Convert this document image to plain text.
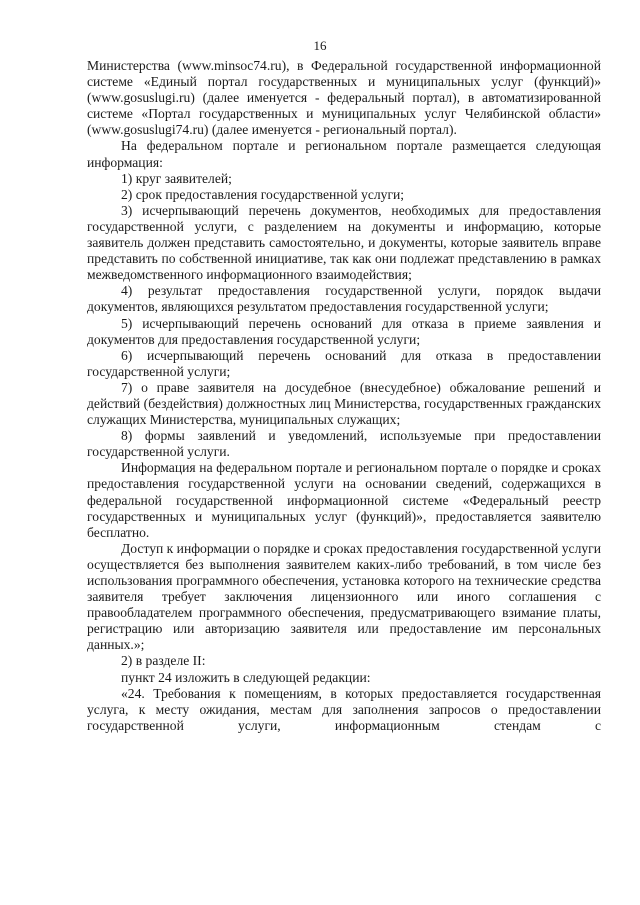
16

Министерства (www.minsoc74.ru), в Федеральной государственной информационной системе «Единый портал государственных и муниципальных услуг (функций)» (www.gosuslugi.ru) (далее именуется - федеральный портал), в автоматизированной системе «Портал государственных и муниципальных услуг Челябинской области» (www.gosuslugi74.ru) (далее именуется - региональный портал).

На федеральном портале и региональном портале размещается следующая информация:

1) круг заявителей;

2) срок предоставления государственной услуги;

3) исчерпывающий перечень документов, необходимых для предоставления государственной услуги, с разделением на документы и информацию, которые заявитель должен представить самостоятельно, и документы, которые заявитель вправе представить по собственной инициативе, так как они подлежат представлению в рамках межведомственного информационного взаимодействия;

4) результат предоставления государственной услуги, порядок выдачи документов, являющихся результатом предоставления государственной услуги;

5) исчерпывающий перечень оснований для отказа в приеме заявления и документов для предоставления государственной услуги;

6) исчерпывающий перечень оснований для отказа в предоставлении государственной услуги;

7) о праве заявителя на досудебное (внесудебное) обжалование решений и действий (бездействия) должностных лиц Министерства, государственных гражданских служащих Министерства, муниципальных служащих;

8) формы заявлений и уведомлений, используемые при предоставлении государственной услуги.

Информация на федеральном портале и региональном портале о порядке и сроках предоставления государственной услуги на основании сведений, содержащихся в федеральной государственной информационной системе «Федеральный реестр государственных и муниципальных услуг (функций)», предоставляется заявителю бесплатно.

Доступ к информации о порядке и сроках предоставления государственной услуги осуществляется без выполнения заявителем каких-либо требований, в том числе без использования программного обеспечения, установка которого на технические средства заявителя требует заключения лицензионного или иного соглашения с правообладателем программного обеспечения, предусматривающего взимание платы, регистрацию или авторизацию заявителя или предоставление им персональных данных.»;

2) в разделе II:

пункт 24 изложить в следующей редакции:

«24. Требования к помещениям, в которых предоставляется государственная услуга, к месту ожидания, местам для заполнения запросов о предоставлении государственной услуги, информационным стендам с
